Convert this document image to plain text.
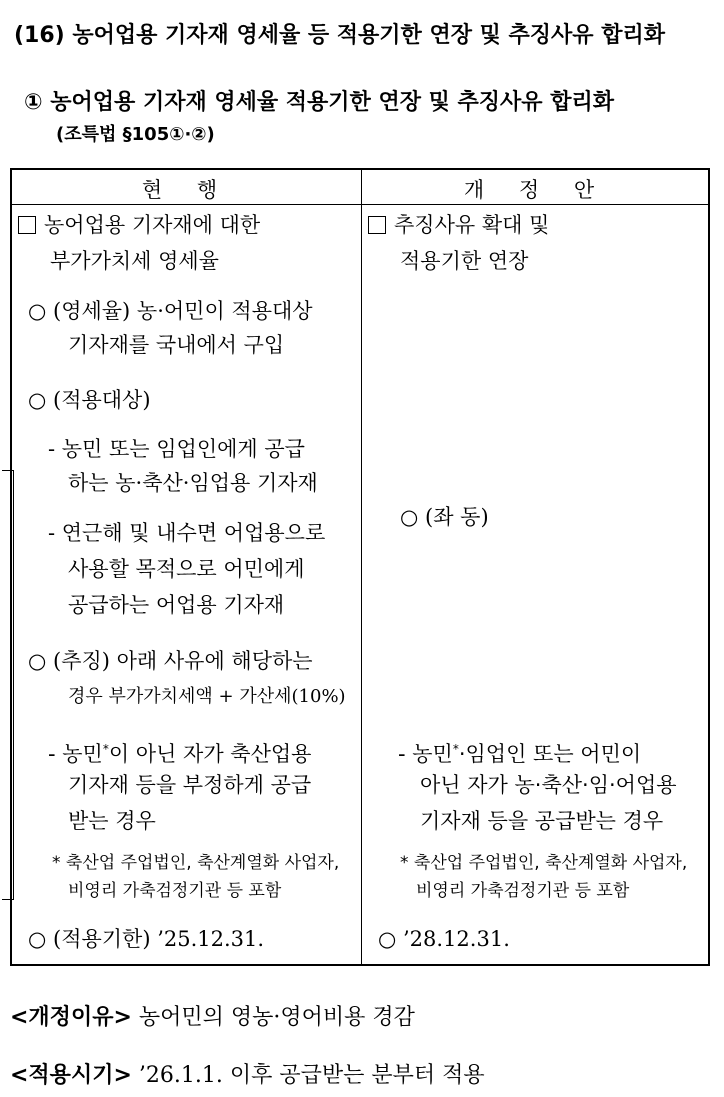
(16) 농어업용 기자재 영세율 등 적용기한 연장 및 추징사유 합리화
① 농어업용 기자재 영세율 적용기한 연장 및 추징사유 합리화
(조특법 §105①·②)
현 행	개 정 안
농어업용 기자재에 대한
부가가치세 영세율
○ (영세율) 농·어민이 적용대상
기자재를 국내에서 구입
○ (적용대상)
- 농민 또는 임업인에게 공급
하는 농·축산·임업용 기자재
- 연근해 및 내수면 어업용으로
사용할 목적으로 어민에게
공급하는 어업용 기자재
○ (추징) 아래 사유에 해당하는
경우 부가가치세액 + 가산세(10%)
- 농민*이 아닌 자가 축산업용
기자재 등을 부정하게 공급
받는 경우
* 축산업 주업법인, 축산계열화 사업자,
비영리 가축검정기관 등 포함
○ (적용기한) ’25.12.31.
추징사유 확대 및
적용기한 연장
○ (좌 동)
- 농민*·임업인 또는 어민이
아닌 자가 농·축산·임·어업용
기자재 등을 공급받는 경우
* 축산업 주업법인, 축산계열화 사업자,
비영리 가축검정기관 등 포함
○ ’28.12.31.
<개정이유> 농어민의 영농·영어비용 경감
<적용시기> ’26.1.1. 이후 공급받는 분부터 적용
